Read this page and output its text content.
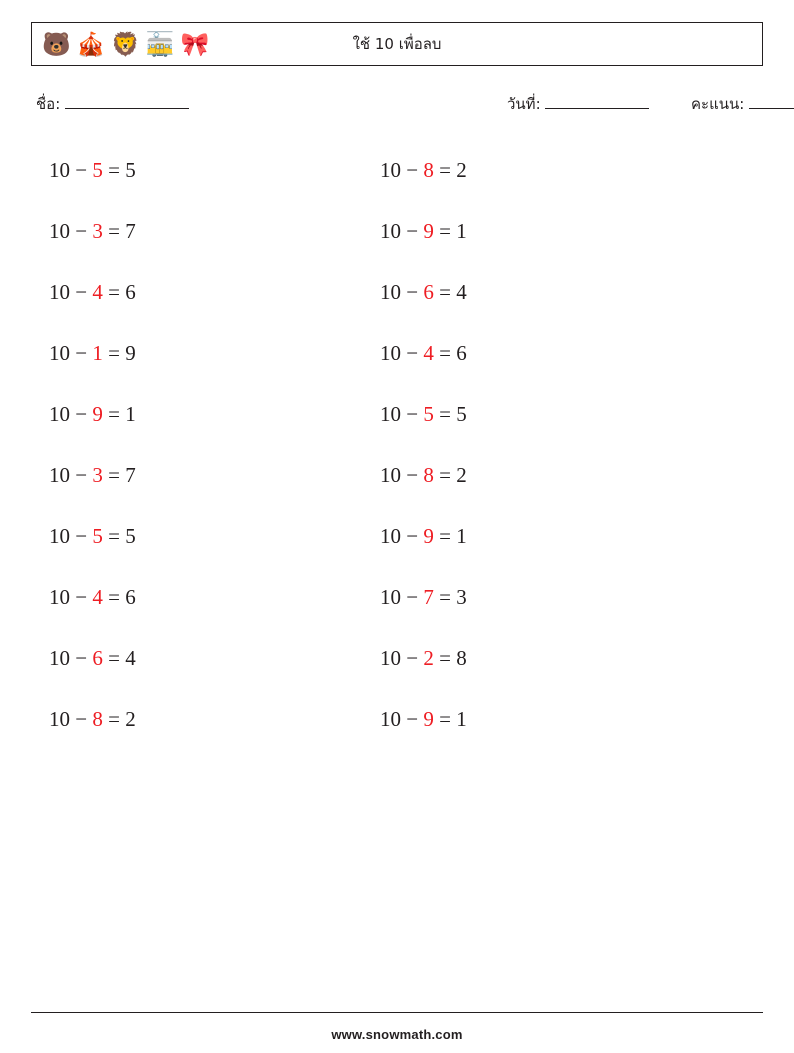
🐻 🎪 🦁 🚋 🎀	ใช้ 10 เพื่อลบ
ชื่อ:	วันที่:	คะแนน:
10 − 5 = 5
10 − 3 = 7
10 − 4 = 6
10 − 1 = 9
10 − 9 = 1
10 − 3 = 7
10 − 5 = 5
10 − 4 = 6
10 − 6 = 4
10 − 8 = 2
10 − 8 = 2
10 − 9 = 1
10 − 6 = 4
10 − 4 = 6
10 − 5 = 5
10 − 8 = 2
10 − 9 = 1
10 − 7 = 3
10 − 2 = 8
10 − 9 = 1
www.snowmath.com
